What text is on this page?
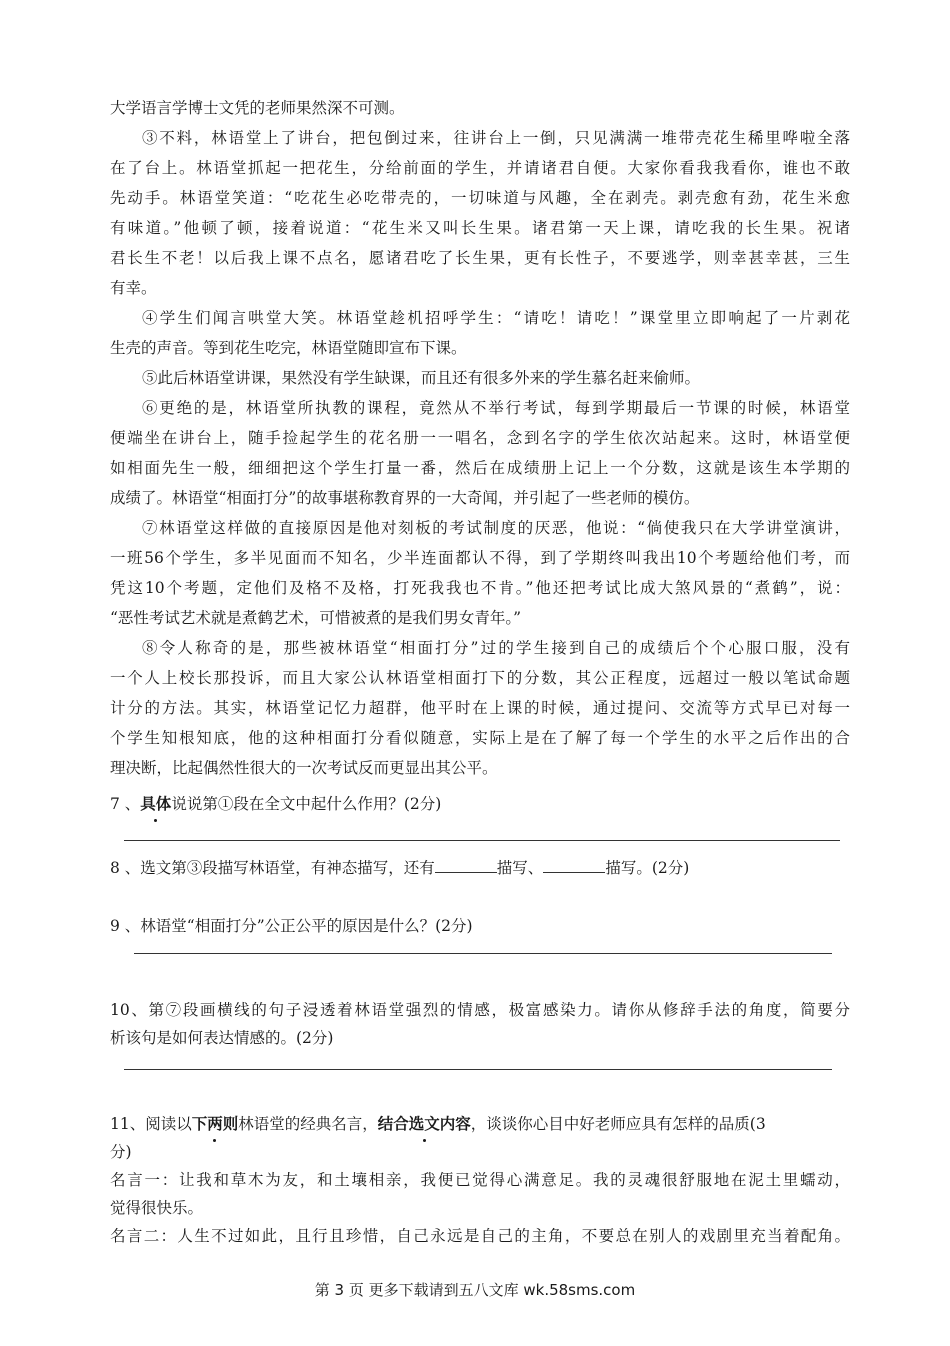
大学语言学博士文凭的老师果然深不可测。
③不料，林语堂上了讲台，把包倒过来，往讲台上一倒，只见满满一堆带壳花生稀里哗啦全落
在了台上。林语堂抓起一把花生，分给前面的学生，并请诸君自便。大家你看我我看你，谁也不敢
先动手。林语堂笑道：“吃花生必吃带壳的，一切味道与风趣，全在剥壳。剥壳愈有劲，花生米愈
有味道。”他顿了顿，接着说道：“花生米又叫长生果。诸君第一天上课，请吃我的长生果。祝诸
君长生不老！以后我上课不点名，愿诸君吃了长生果，更有长性子，不要逃学，则幸甚幸甚，三生
有幸。
④学生们闻言哄堂大笑。林语堂趁机招呼学生：“请吃！请吃！”课堂里立即响起了一片剥花
生壳的声音。等到花生吃完，林语堂随即宣布下课。
⑤此后林语堂讲课，果然没有学生缺课，而且还有很多外来的学生慕名赶来偷师。
⑥更绝的是，林语堂所执教的课程，竟然从不举行考试，每到学期最后一节课的时候，林语堂
便端坐在讲台上，随手捡起学生的花名册一一唱名，念到名字的学生依次站起来。这时，林语堂便
如相面先生一般，细细把这个学生打量一番，然后在成绩册上记上一个分数，这就是该生本学期的
成绩了。林语堂“相面打分”的故事堪称教育界的一大奇闻，并引起了一些老师的模仿。
⑦林语堂这样做的直接原因是他对刻板的考试制度的厌恶，他说：“倘使我只在大学讲堂演讲，
一班56个学生，多半见面而不知名，少半连面都认不得，到了学期终叫我出10个考题给他们考，而
凭这10个考题，定他们及格不及格，打死我我也不肯。”他还把考试比成大煞风景的“煮鹤”，说：
“恶性考试艺术就是煮鹤艺术，可惜被煮的是我们男女青年。”
⑧令人称奇的是，那些被林语堂“相面打分”过的学生接到自己的成绩后个个心服口服，没有
一个人上校长那投诉，而且大家公认林语堂相面打下的分数，其公正程度，远超过一般以笔试命题
计分的方法。其实，林语堂记忆力超群，他平时在上课的时候，通过提问、交流等方式早已对每一
个学生知根知底，他的这种相面打分看似随意，实际上是在了解了每一个学生的水平之后作出的合
理决断，比起偶然性很大的一次考试反而更显出其公平。
7 、具体说说第①段在全文中起什么作用？(2分)
8 、选文第③段描写林语堂，有神态描写，还有	描写、	描写。(2分)
9 、林语堂“相面打分”公正公平的原因是什么？(2分)
10、第⑦段画横线的句子浸透着林语堂强烈的情感，极富感染力。请你从修辞手法的角度，简要分
析该句是如何表达情感的。(2分)
11、阅读以下两则林语堂的经典名言，结合选文内容，谈谈你心目中好老师应具有怎样的品质(3
分)
名言一：让我和草木为友，和土壤相亲，我便已觉得心满意足。我的灵魂很舒服地在泥土里蠕动，
觉得很快乐。
名言二：人生不过如此，且行且珍惜，自己永远是自己的主角，不要总在别人的戏剧里充当着配角。
第 3 页 更多下载请到五八文库 wk.58sms.com
